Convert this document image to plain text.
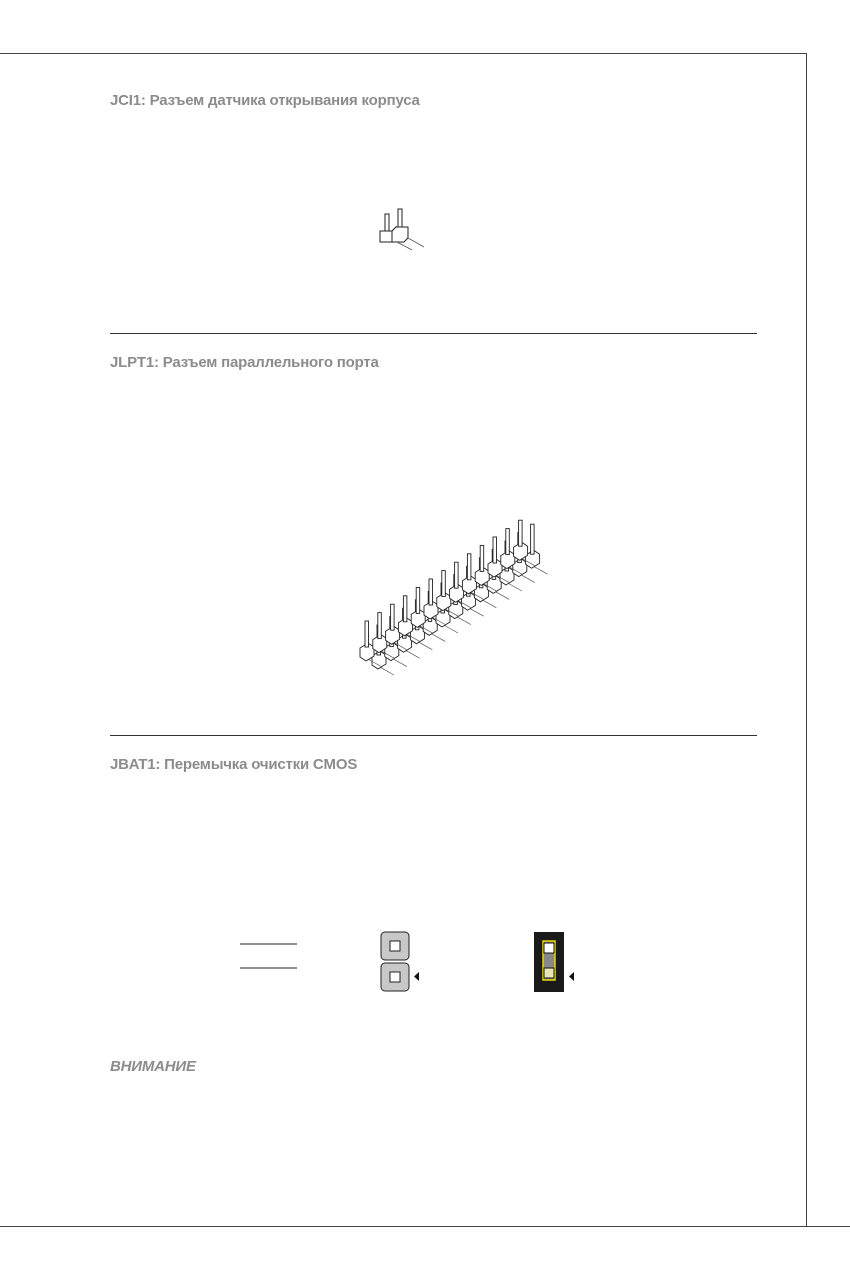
JCI1: Разъем датчика открывания корпуса
JLPT1: Разъем параллельного порта
JBAT1: Перемычка очистки CMOS
ВНИМАНИЕ
